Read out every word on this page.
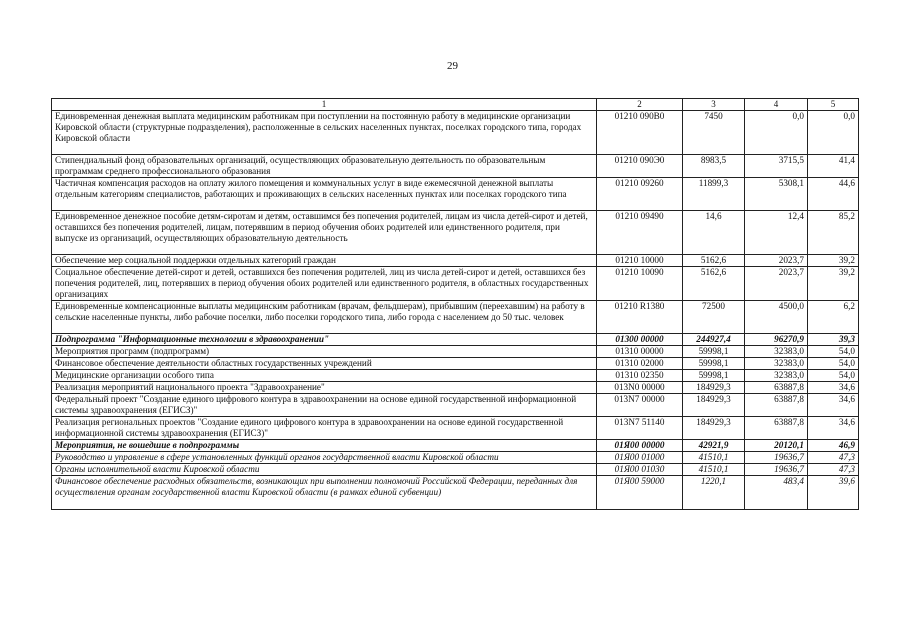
29
1	2	3	4	5
Единовременная денежная выплата медицинским работникам при поступлении на постоянную работу в медицинские организации Кировской области (структурные подразделения), расположенные в сельских населенных пунктах, поселках городского типа, городах Кировской области	01210 090В0	7450	0,0	0,0
Стипендиальный фонд образовательных организаций, осуществляющих образовательную деятельность по образовательным программам среднего профессионального образования	01210 090Э0	8983,5	3715,5	41,4
Частичная компенсация расходов на оплату жилого помещения и коммунальных услуг в виде ежемесячной денежной выплаты отдельным категориям специалистов, работающих и проживающих в сельских населенных пунктах или поселках городского типа	01210 09260	11899,3	5308,1	44,6
Единовременное денежное пособие детям-сиротам и детям, оставшимся без попечения родителей, лицам из числа детей-сирот и детей, оставшихся без попечения родителей, лицам, потерявшим в период обучения обоих родителей или единственного родителя, при выпуске из организаций, осуществляющих образовательную деятельность	01210 09490	14,6	12,4	85,2
Обеспечение мер социальной поддержки отдельных категорий граждан	01210 10000	5162,6	2023,7	39,2
Социальное обеспечение детей-сирот и детей, оставшихся без попечения родителей, лиц из числа детей-сирот и детей, оставшихся без попечения родителей, лиц, потерявших в период обучения обоих родителей или единственного родителя, в областных государственных организациях	01210 10090	5162,6	2023,7	39,2
Единовременные компенсационные выплаты медицинским работникам (врачам, фельдшерам), прибывшим (переехавшим) на работу в сельские населенные пункты, либо рабочие поселки, либо поселки городского типа, либо города с населением до 50 тыс. человек	01210 R1380	72500	4500,0	6,2
Подпрограмма "Информационные технологии в здравоохранении"	01300 00000	244927,4	96270,9	39,3
Мероприятия программ (подпрограмм)	01310 00000	59998,1	32383,0	54,0
Финансовое обеспечение деятельности областных государственных учреждений	01310 02000	59998,1	32383,0	54,0
Медицинские организации особого типа	01310 02350	59998,1	32383,0	54,0
Реализация мероприятий национального проекта "Здравоохранение"	013N0 00000	184929,3	63887,8	34,6
Федеральный проект "Создание единого цифрового контура в здравоохранении на основе единой государственной информационной системы здравоохранения (ЕГИСЗ)"	013N7 00000	184929,3	63887,8	34,6
Реализация региональных проектов "Создание единого цифрового контура в здравоохранении на основе единой государственной информационной системы здравоохранения (ЕГИСЗ)"	013N7 51140	184929,3	63887,8	34,6
Мероприятия, не вошедшие в подпрограммы	01Я00 00000	42921,9	20120,1	46,9
Руководство и управление в сфере установленных функций органов государственной власти Кировской области	01Я00 01000	41510,1	19636,7	47,3
Органы исполнительной власти Кировской области	01Я00 01030	41510,1	19636,7	47,3
Финансовое обеспечение расходных обязательств, возникающих при выполнении полномочий Российской Федерации, переданных для осуществления органам государственной власти Кировской области (в рамках единой субвенции)	01Я00 59000	1220,1	483,4	39,6
